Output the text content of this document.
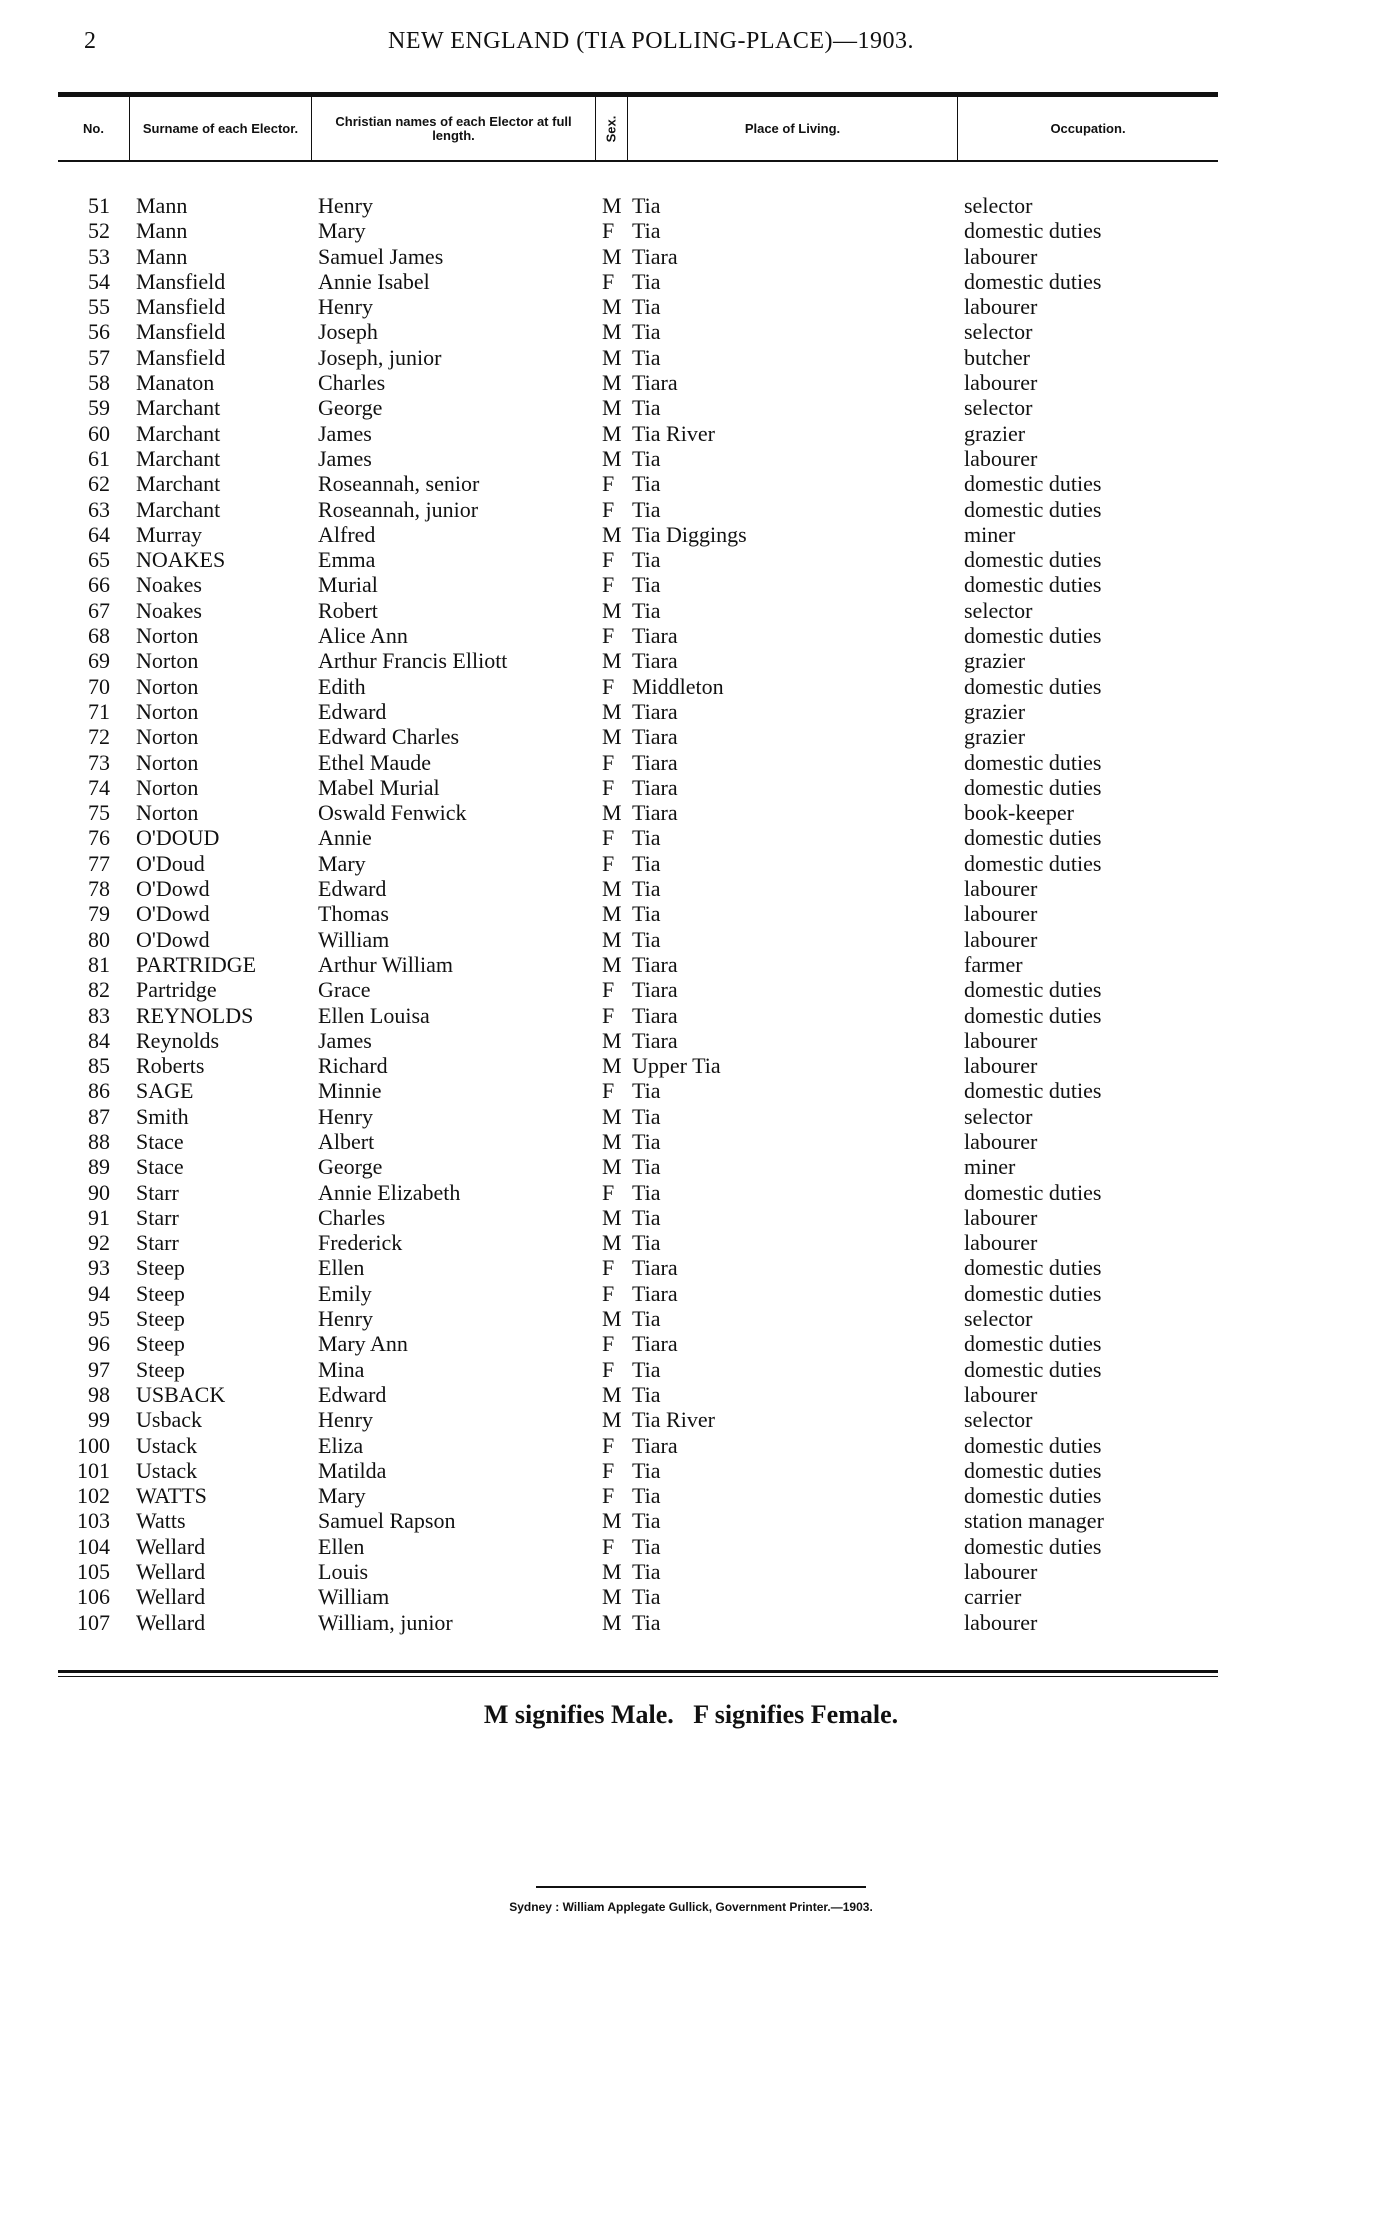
2	NEW ENGLAND (TIA POLLING-PLACE)—1903.
No.	Surname of each Elector.	Christian names of each Elector at full length.	Sex.	Place of Living.	Occupation.
51 Mann	Henry	M Tia	selector
52 Mann	Mary	F Tia	domestic duties
53 Mann	Samuel James	M Tiara	labourer
54 Mansfield	Annie Isabel	F Tia	domestic duties
55 Mansfield	Henry	M Tia	labourer
56 Mansfield	Joseph	M Tia	selector
57 Mansfield	Joseph, junior	M Tia	butcher
58 Manaton	Charles	M Tiara	labourer
59 Marchant	George	M Tia	selector
60 Marchant	James	M Tia River	grazier
61 Marchant	James	M Tia	labourer
62 Marchant	Roseannah, senior	F Tia	domestic duties
63 Marchant	Roseannah, junior	F Tia	domestic duties
64 Murray	Alfred	M Tia Diggings	miner
65 NOAKES	Emma	F Tia	domestic duties
66 Noakes	Murial	F Tia	domestic duties
67 Noakes	Robert	M Tia	selector
68 Norton	Alice Ann	F Tiara	domestic duties
69 Norton	Arthur Francis Elliott	M Tiara	grazier
70 Norton	Edith	F Middleton	domestic duties
71 Norton	Edward	M Tiara	grazier
72 Norton	Edward Charles	M Tiara	grazier
73 Norton	Ethel Maude	F Tiara	domestic duties
74 Norton	Mabel Murial	F Tiara	domestic duties
75 Norton	Oswald Fenwick	M Tiara	book-keeper
76 O'DOUD	Annie	F Tia	domestic duties
77 O'Doud	Mary	F Tia	domestic duties
78 O'Dowd	Edward	M Tia	labourer
79 O'Dowd	Thomas	M Tia	labourer
80 O'Dowd	William	M Tia	labourer
81 PARTRIDGE	Arthur William	M Tiara	farmer
82 Partridge	Grace	F Tiara	domestic duties
83 REYNOLDS	Ellen Louisa	F Tiara	domestic duties
84 Reynolds	James	M Tiara	labourer
85 Roberts	Richard	M Upper Tia	labourer
86 SAGE	Minnie	F Tia	domestic duties
87 Smith	Henry	M Tia	selector
88 Stace	Albert	M Tia	labourer
89 Stace	George	M Tia	miner
90 Starr	Annie Elizabeth	F Tia	domestic duties
91 Starr	Charles	M Tia	labourer
92 Starr	Frederick	M Tia	labourer
93 Steep	Ellen	F Tiara	domestic duties
94 Steep	Emily	F Tiara	domestic duties
95 Steep	Henry	M Tia	selector
96 Steep	Mary Ann	F Tiara	domestic duties
97 Steep	Mina	F Tia	domestic duties
98 USBACK	Edward	M Tia	labourer
99 Usback	Henry	M Tia River	selector
100 Ustack	Eliza	F Tiara	domestic duties
101 Ustack	Matilda	F Tia	domestic duties
102 WATTS	Mary	F Tia	domestic duties
103 Watts	Samuel Rapson	M Tia	station manager
104 Wellard	Ellen	F Tia	domestic duties
105 Wellard	Louis	M Tia	labourer
106 Wellard	William	M Tia	carrier
107 Wellard	William, junior	M Tia	labourer
M signifies Male.   F signifies Female.
Sydney : William Applegate Gullick, Government Printer.—1903.
